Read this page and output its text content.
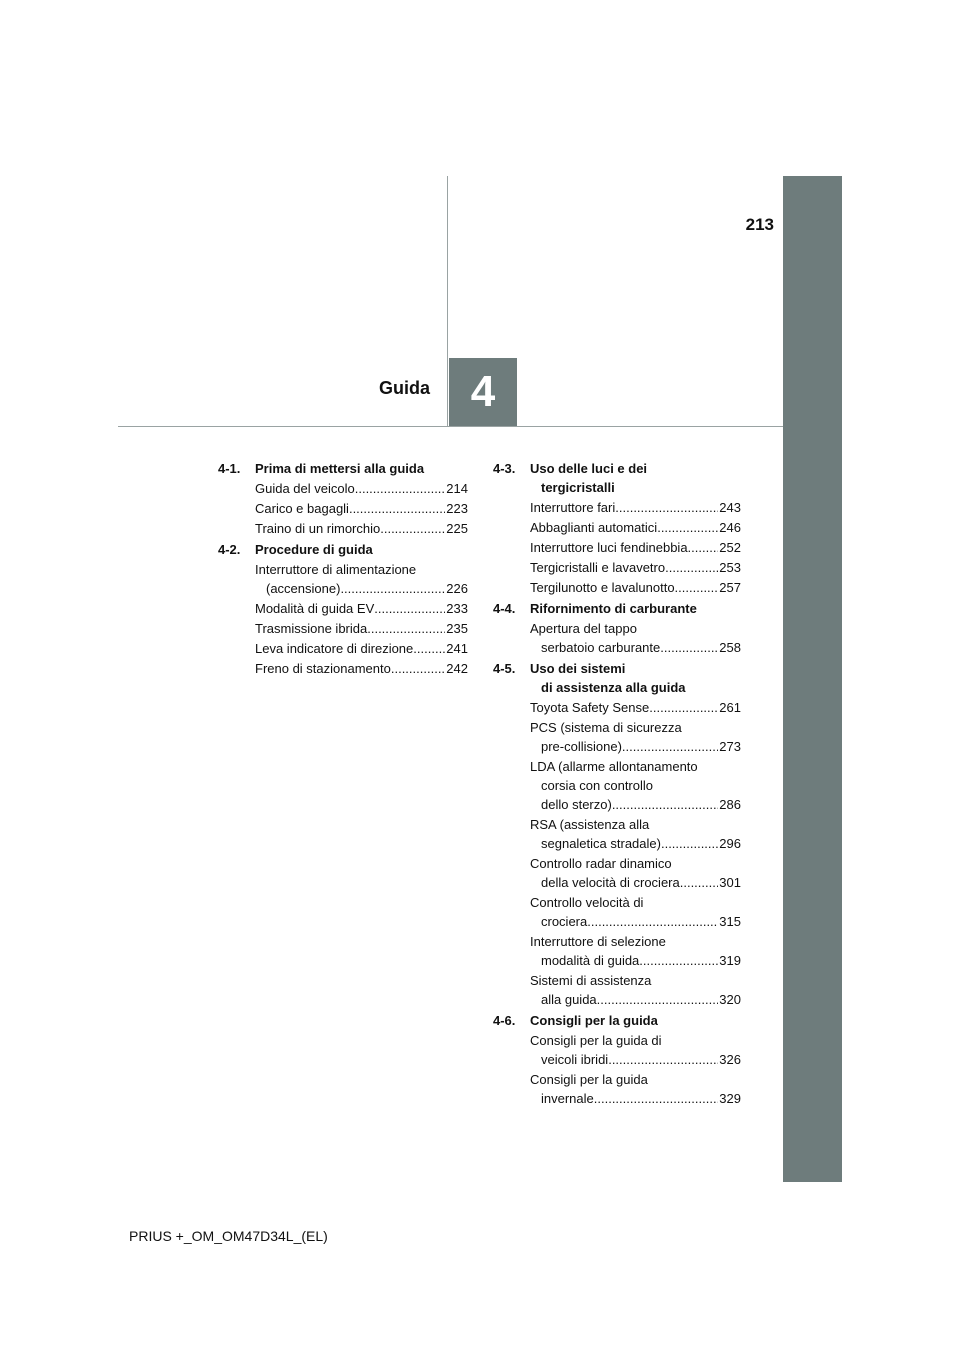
213
Guida 4
4-1.	Prima di mettersi alla guida
Guida del veicolo .....	214
Carico e bagagli .....	223
Traino di un rimorchio .....	225
4-2.	Procedure di guida
Interruttore di alimentazione
(accensione) .....	226
Modalità di guida EV .....	233
Trasmissione ibrida .....	235
Leva indicatore di direzione .....	241
Freno di stazionamento .....	242
4-3.	Uso delle luci e dei
tergicristalli
Interruttore fari .....	243
Abbaglianti automatici .....	246
Interruttore luci fendinebbia ..... 252
Tergicristalli e lavavetro .....	253
Tergilunotto e lavalunotto .....	257
4-4.	Rifornimento di carburante
Apertura del tappo
serbatoio carburante .....	258
4-5.	Uso dei sistemi
di assistenza alla guida
Toyota Safety Sense .....	261
PCS (sistema di sicurezza
pre-collisione) .....	273
LDA (allarme allontanamento
corsia con controllo
dello sterzo) .....	286
RSA (assistenza alla
segnaletica stradale) .....	296
Controllo radar dinamico
della velocità di crociera .....	301
Controllo velocità di
crociera .....	315
Interruttore di selezione
modalità di guida .....	319
Sistemi di assistenza
alla guida .....	320
4-6.	Consigli per la guida
Consigli per la guida di
veicoli ibridi .....	326
Consigli per la guida
invernale .....	329
PRIUS +_OM_OM47D34L_(EL)
